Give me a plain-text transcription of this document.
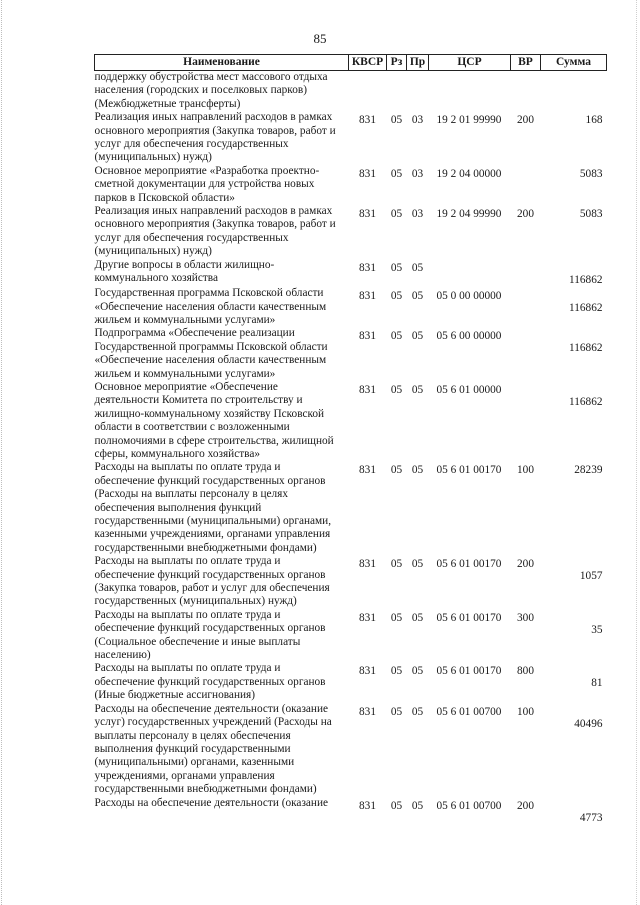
85
Наименование	КВСР	Рз	Пр	ЦСР	ВР	Сумма
поддержку обустройства мест массового отдыха населения (городских и поселковых парков) (Межбюджетные трансферты)						
Реализация иных направлений расходов в рамках основного мероприятия (Закупка товаров, работ и услуг для обеспечения государственных (муниципальных) нужд)	831	05	03	19 2 01 99990	200	168
Основное мероприятие «Разработка проектно-сметной документации для устройства новых парков в Псковской области»	831	05	03	19 2 04 00000		5083
Реализация иных направлений расходов в рамках основного мероприятия (Закупка товаров, работ и услуг для обеспечения государственных (муниципальных) нужд)	831	05	03	19 2 04 99990	200	5083
Другие вопросы в области жилищно-коммунального хозяйства	831	05	05			116862
Государственная программа Псковской области «Обеспечение населения области качественным жильем и коммунальными услугами»	831	05	05	05 0 00 00000		116862
Подпрограмма «Обеспечение реализации Государственной программы Псковской области «Обеспечение населения области качественным жильем и коммунальными услугами»	831	05	05	05 6 00 00000		116862
Основное мероприятие «Обеспечение деятельности Комитета по строительству и жилищно-коммунальному хозяйству Псковской области в соответствии с возложенными полномочиями в сфере строительства, жилищной сферы, коммунального хозяйства»	831	05	05	05 6 01 00000		116862
Расходы на выплаты по оплате труда и обеспечение функций государственных органов (Расходы на выплаты персоналу в целях обеспечения выполнения функций государственными (муниципальными) органами, казенными учреждениями, органами управления государственными внебюджетными фондами)	831	05	05	05 6 01 00170	100	28239
Расходы на выплаты по оплате труда и обеспечение функций государственных органов (Закупка товаров, работ и услуг для обеспечения государственных (муниципальных) нужд)	831	05	05	05 6 01 00170	200	1057
Расходы на выплаты по оплате труда и обеспечение функций государственных органов (Социальное обеспечение и иные выплаты населению)	831	05	05	05 6 01 00170	300	35
Расходы на выплаты по оплате труда и обеспечение функций государственных органов (Иные бюджетные ассигнования)	831	05	05	05 6 01 00170	800	81
Расходы на обеспечение деятельности (оказание услуг) государственных учреждений (Расходы на выплаты персоналу в целях обеспечения выполнения функций государственными (муниципальными) органами, казенными учреждениями, органами управления государственными внебюджетными фондами)	831	05	05	05 6 01 00700	100	40496
Расходы на обеспечение деятельности (оказание	831	05	05	05 6 01 00700	200	4773
